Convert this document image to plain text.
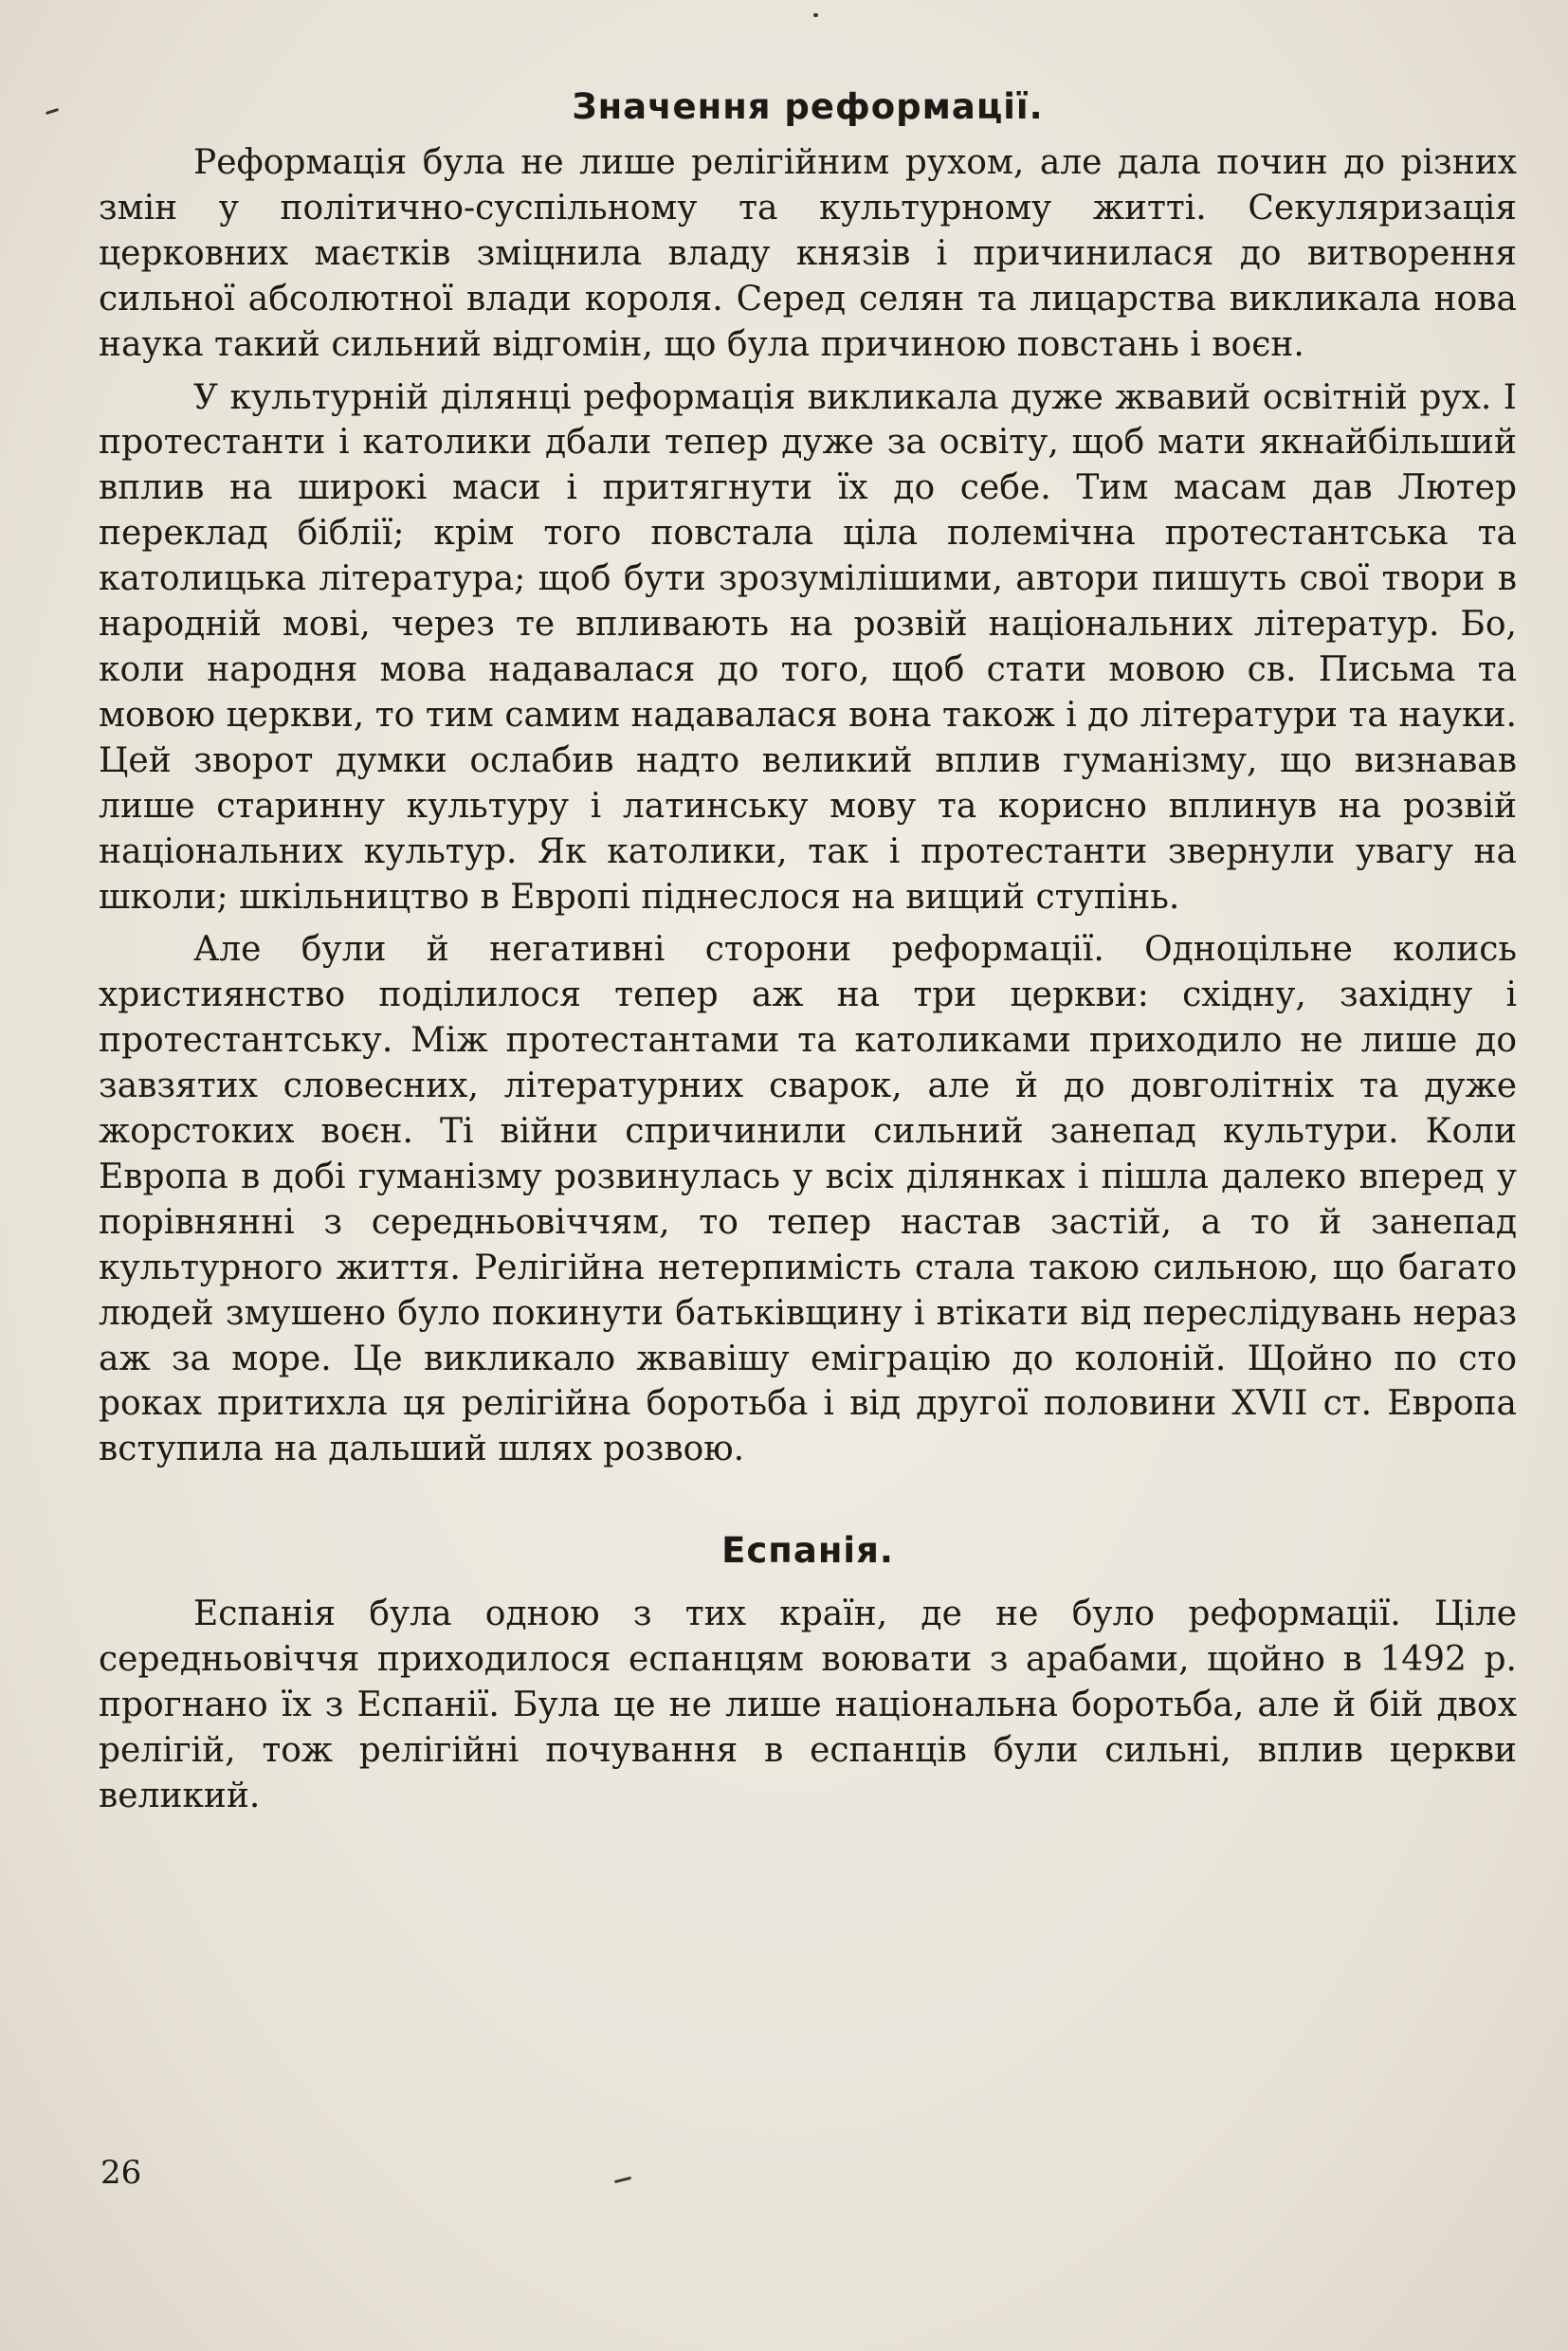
Значення реформації.

Реформація була не лише релігійним рухом, але дала почин до різних змін у політично-суспільному та культурному житті. Секуляризація церковних маєтків зміцнила владу князів і причинилася до витворення сильної абсолютної влади короля. Серед селян та лицарства викликала нова наука такий сильний відгомін, що була причиною повстань і воєн.

У культурній ділянці реформація викликала дуже жвавий освітній рух. І протестанти і католики дбали тепер дуже за освіту, щоб мати якнайбільший вплив на широкі маси і притягнути їх до себе. Тим масам дав Лютер переклад біблії; крім того повстала ціла полемічна протестантська та католицька література; щоб бути зрозумілішими, автори пишуть свої твори в народній мові, через те впливають на розвій національних літератур. Бо, коли народня мова надавалася до того, щоб стати мовою св. Письма та мовою церкви, то тим самим надавалася вона також і до літератури та науки. Цей зворот думки ослабив надто великий вплив гуманізму, що визнавав лише старинну культуру і латинську мову та корисно вплинув на розвій національних культур. Як католики, так і протестанти звернули увагу на школи; шкільництво в Европі піднеслося на вищий ступінь.

Але були й негативні сторони реформації. Одноцільне колись християнство поділилося тепер аж на три церкви: східну, західну і протестантську. Між протестантами та католиками приходило не лише до завзятих словесних, літературних сварок, але й до довголітніх та дуже жорстоких воєн. Ті війни спричинили сильний занепад культури. Коли Европа в добі гуманізму розвинулась у всіх ділянках і пішла далеко вперед у порівнянні з середньовіччям, то тепер настав застій, а то й занепад культурного життя. Релігійна нетерпимість стала такою сильною, що багато людей змушено було покинути батьківщину і втікати від переслідувань нераз аж за море. Це викликало жвавішу еміграцію до колоній. Щойно по сто роках притихла ця релігійна боротьба і від другої половини XVII ст. Европа вступила на дальший шлях розвою.

Еспанія.

Еспанія була одною з тих країн, де не було реформації. Ціле середньовіччя приходилося еспанцям воювати з арабами, щойно в 1492 р. прогнано їх з Еспанії. Була це не лише національна боротьба, але й бій двох релігій, тож релігійні почування в еспанців були сильні, вплив церкви великий.

26
